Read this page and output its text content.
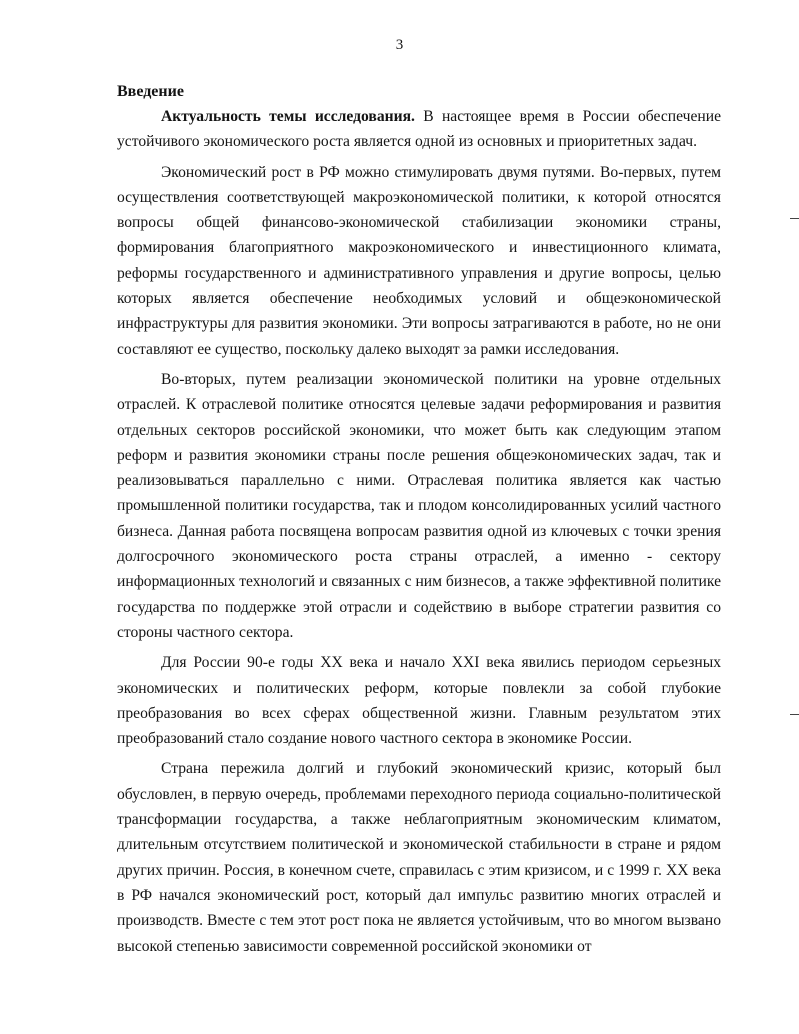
3
Введение

Актуальность темы исследования. В настоящее время в России обеспечение устойчивого экономического роста является одной из основных и приоритетных задач.

Экономический рост в РФ можно стимулировать двумя путями. Во-первых, путем осуществления соответствующей макроэкономической политики, к которой относятся вопросы общей финансово-экономической стабилизации экономики страны, формирования благоприятного макроэкономического и инвестиционного климата, реформы государственного и административного управления и другие вопросы, целью которых является обеспечение необходимых условий и общеэкономической инфраструктуры для развития экономики. Эти вопросы затрагиваются в работе, но не они составляют ее существо, поскольку далеко выходят за рамки исследования.

Во-вторых, путем реализации экономической политики на уровне отдельных отраслей. К отраслевой политике относятся целевые задачи реформирования и развития отдельных секторов российской экономики, что может быть как следующим этапом реформ и развития экономики страны после решения общеэкономических задач, так и реализовываться параллельно с ними. Отраслевая политика является как частью промышленной политики государства, так и плодом консолидированных усилий частного бизнеса. Данная работа посвящена вопросам развития одной из ключевых с точки зрения долгосрочного экономического роста страны отраслей, а именно - сектору информационных технологий и связанных с ним бизнесов, а также эффективной политике государства по поддержке этой отрасли и содействию в выборе стратегии развития со стороны частного сектора.

Для России 90-е годы XX века и начало XXI века явились периодом серьезных экономических и политических реформ, которые повлекли за собой глубокие преобразования во всех сферах общественной жизни. Главным результатом этих преобразований стало создание нового частного сектора в экономике России.

Страна пережила долгий и глубокий экономический кризис, который был обусловлен, в первую очередь, проблемами переходного периода социально-политической трансформации государства, а также неблагоприятным экономическим климатом, длительным отсутствием политической и экономической стабильности в стране и рядом других причин. Россия, в конечном счете, справилась с этим кризисом, и с 1999 г. XX века в РФ начался экономический рост, который дал импульс развитию многих отраслей и производств. Вместе с тем этот рост пока не является устойчивым, что во многом вызвано высокой степенью зависимости современной российской экономики от
